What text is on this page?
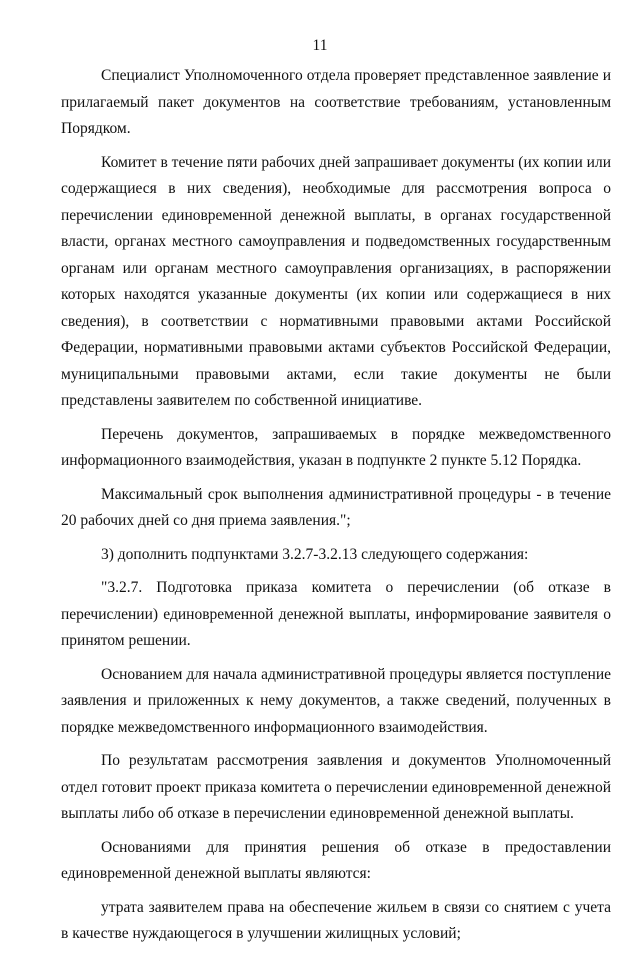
11

Специалист Уполномоченного отдела проверяет представленное заявление и прилагаемый пакет документов на соответствие требованиям, установленным Порядком.

Комитет в течение пяти рабочих дней запрашивает документы (их копии или содержащиеся в них сведения), необходимые для рассмотрения вопроса о перечислении единовременной денежной выплаты, в органах государственной власти, органах местного самоуправления и подведомственных государственным органам или органам местного самоуправления организациях, в распоряжении которых находятся указанные документы (их копии или содержащиеся в них сведения), в соответствии с нормативными правовыми актами Российской Федерации, нормативными правовыми актами субъектов Российской Федерации, муниципальными правовыми актами, если такие документы не были представлены заявителем по собственной инициативе.

Перечень документов, запрашиваемых в порядке межведомственного информационного взаимодействия, указан в подпункте 2 пункте 5.12 Порядка.

Максимальный срок выполнения административной процедуры - в течение 20 рабочих дней со дня приема заявления.";

3) дополнить подпунктами 3.2.7-3.2.13 следующего содержания:

"3.2.7. Подготовка приказа комитета о перечислении (об отказе в перечислении) единовременной денежной выплаты, информирование заявителя о принятом решении.

Основанием для начала административной процедуры является поступление заявления и приложенных к нему документов, а также сведений, полученных в порядке межведомственного информационного взаимодействия.

По результатам рассмотрения заявления и документов Уполномоченный отдел готовит проект приказа комитета о перечислении единовременной денежной выплаты либо об отказе в перечислении единовременной денежной выплаты.

Основаниями для принятия решения об отказе в предоставлении единовременной денежной выплаты являются:

утрата заявителем права на обеспечение жильем в связи со снятием с учета в качестве нуждающегося в улучшении жилищных условий;
